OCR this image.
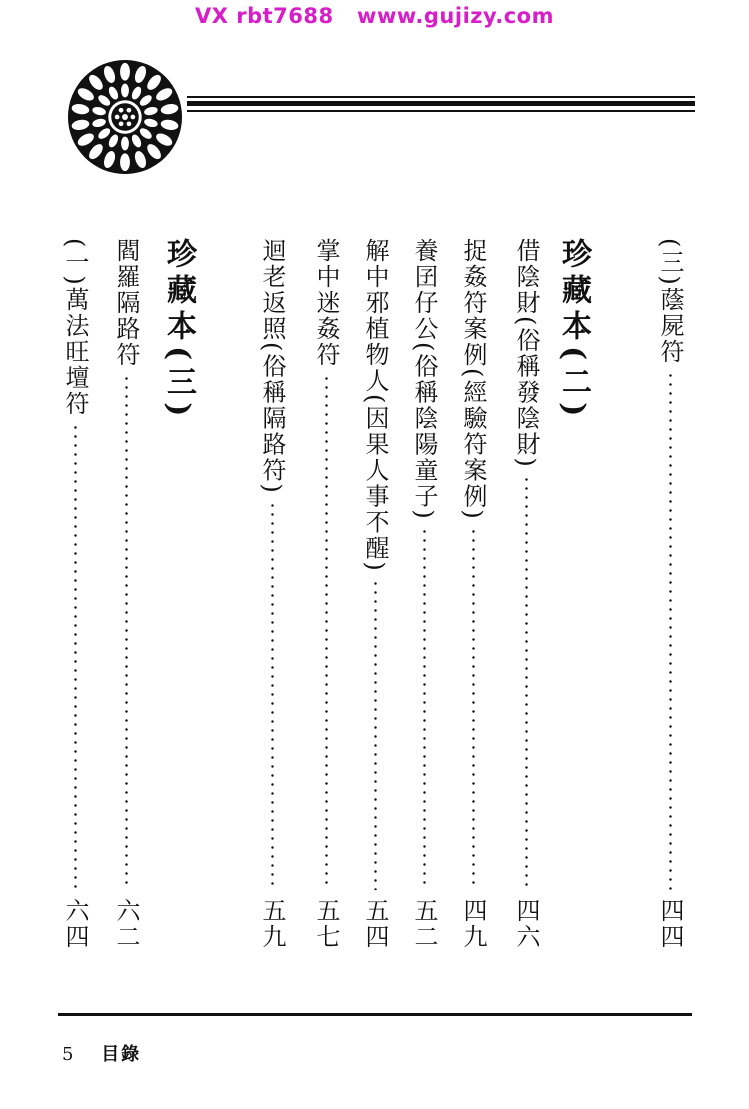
VX rbt7688   www.gujizy.com
(三)蔭屍符
四四
珍藏本(二)
借陰財(俗稱發陰財)
四六
捉姦符案例(經驗符案例)
四九
養囝仔公(俗稱陰陽童子)
五二
解中邪植物人(因果人事不醒)
五四
掌中迷姦符
五七
迴老返照(俗稱隔路符)
五九
珍藏本(三)
閻羅隔路符
六二
(一)萬法旺壇符
六四
5 目錄
